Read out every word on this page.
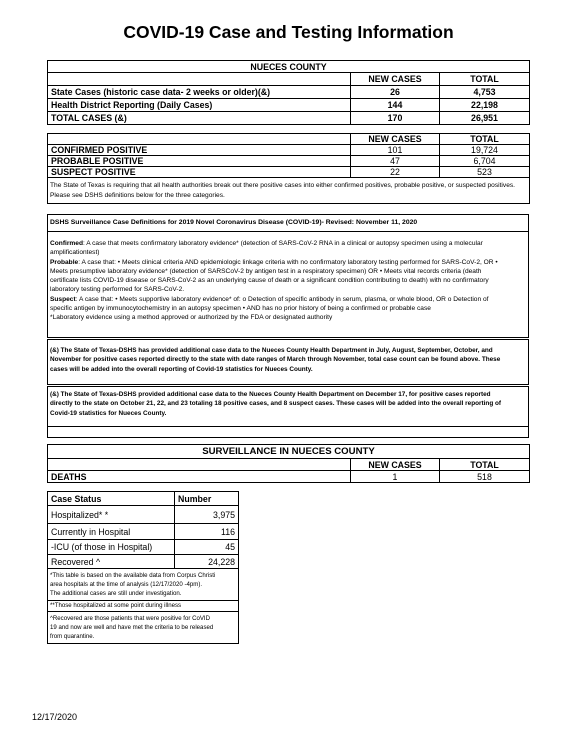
COVID-19 Case and Testing Information
NUECES COUNTY		
	NEW CASES	TOTAL
State Cases (historic case data- 2 weeks or older)(&)	26	4,753
Health District Reporting (Daily Cases)	144	22,198
TOTAL CASES (&)	170	26,951
	NEW CASES	TOTAL
CONFIRMED POSITIVE	101	19,724
PROBABLE POSITIVE	47	6,704
SUSPECT POSITIVE	22	523
The State of Texas is requiring that all health authorities break out there positive cases into either confirmed positives, probable positive, or suspected positives. Please see DSHS definitions below for the three categories.		
DSHS Surveillance Case Definitions for 2019 Novel Coronavirus Disease (COVID-19)- Revised: November 11, 2020
Confirmed: A case that meets confirmatory laboratory evidence* (detection of SARS-CoV-2 RNA in a clinical or autopsy specimen using a molecular
amplificationtest)
Probable: A case that: • Meets clinical criteria AND epidemiologic linkage criteria with no confirmatory laboratory testing performed for SARS-CoV-2, OR •
Meets presumptive laboratory evidence* (detection of SARSCoV-2 by antigen test in a respiratory specimen) OR • Meets vital records criteria (death
certificate lists COVID-19 disease or SARS-CoV-2 as an underlying cause of death or a significant condition contributing to death) with no confirmatory
laboratory testing performed for SARS-CoV-2.
Suspect: A case that: • Meets supportive laboratory evidence* of: o Detection of specific antibody in serum, plasma, or whole blood, OR o Detection of
specific antigen by immunocytochemistry in an autopsy specimen • AND has no prior history of being a confirmed or probable case
*Laboratory evidence using a method approved or authorized by the FDA or designated authority
(&) The State of Texas-DSHS has provided additional case data to the Nueces County Health Department in July, August, September, October, and
November for positive cases reported directly to the state with date ranges of March through November, total case count can be found above. These
cases will be added into the overall reporting of Covid-19 statistics for Nueces County.
(&) The State of Texas-DSHS provided additional case data to the Nueces County Health Department on December 17, for positive cases reported
directly to the state on October 21, 22, and 23 totaling 18 positive cases, and 8 suspect cases. These cases will be added into the overall reporting of
Covid-19 statistics for Nueces County.
SURVEILLANCE IN NUECES COUNTY		
	NEW CASES	TOTAL
DEATHS	1	518
Case Status	Number
Hospitalized* *	3,975
Currently in Hospital	116
-ICU (of those in Hospital)	45
Recovered ^	24,228

*This table is based on the available data from Corpus Christi
area hospitals at the time of analysis (12/17/2020 -4pm).
The additional cases are still under investigation.	

**Those hospitalized at some point during illness	

^Recovered are those patients that were positive for CoVID
19 and now are well and have met the criteria to be released
from quarantine.	
12/17/2020
